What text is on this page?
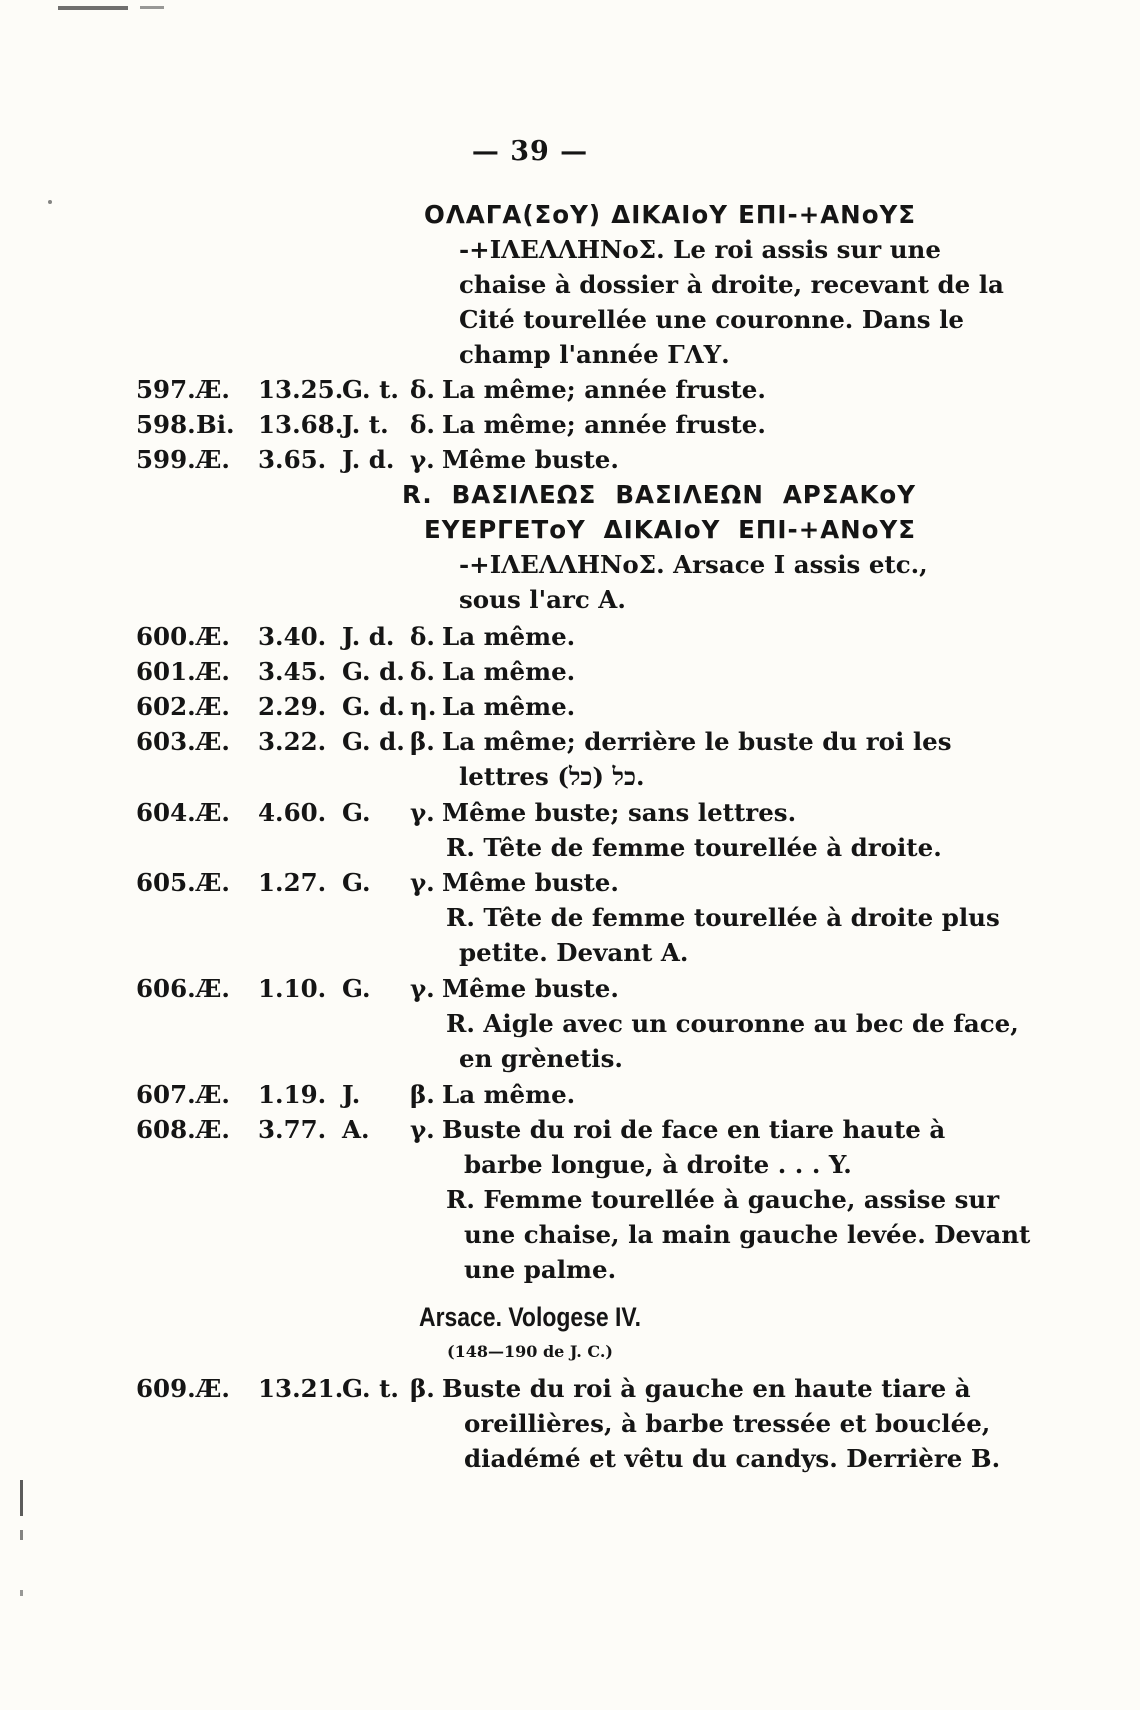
— 39 —
ΟΛΑΓΑ(ΣοΥ) ΔΙΚΑΙοΥ ΕΠΙ-+ΑΝοΥΣ
-+ΙΛΕΛΛΗΝοΣ. Le roi assis sur une
chaise à dossier à droite, recevant de la
Cité tourellée une couronne. Dans le
champ l'année ΓΛΥ.
597. Æ. 13.25.
G. t. δ. La même; année fruste.
598. Bi. 13.68.
J. t. δ. La même; année fruste.
599. Æ. 3.65. J. d. γ. Même buste.
R. ΒΑΣΙΛΕΩΣ ΒΑΣΙΛΕΩΝ ΑΡΣΑΚοΥ
ΕΥΕΡΓΕΤοΥ ΔΙΚΑΙοΥ ΕΠΙ-+ΑΝοΥΣ
-+ΙΛΕΛΛΗΝοΣ. Arsace I assis etc.,
sous l'arc A.
600. Æ. 3.40. J. d. δ. La même.
601. Æ. 3.45. G. d. δ. La même.
602. Æ. 2.29. G. d. η. La même.
603. Æ. 3.22. G. d. β. La même; derrière le buste du roi les
lettres כל (כל).
604. Æ. 4.60. G. γ. Même buste; sans lettres.
R. Tête de femme tourellée à droite.
605. Æ. 1.27. G. γ. Même buste.
R. Tête de femme tourellée à droite plus
petite. Devant A.
606. Æ. 1.10. G. γ. Même buste.
R. Aigle avec un couronne au bec de face,
en grènetis.
607. Æ. 1.19. J. β. La même.
608. Æ. 3.77. A. γ. Buste du roi de face en tiare haute à
barbe longue, à droite . . . Y.
R. Femme tourellée à gauche, assise sur
une chaise, la main gauche levée. Devant
une palme.
Arsace. Vologese IV.
(148—190 de J. C.)
609. Æ. 13.21.
G. t. β. Buste du roi à gauche en haute tiare à
oreillières, à barbe tressée et bouclée,
diadémé et vêtu du candys. Derrière B.
